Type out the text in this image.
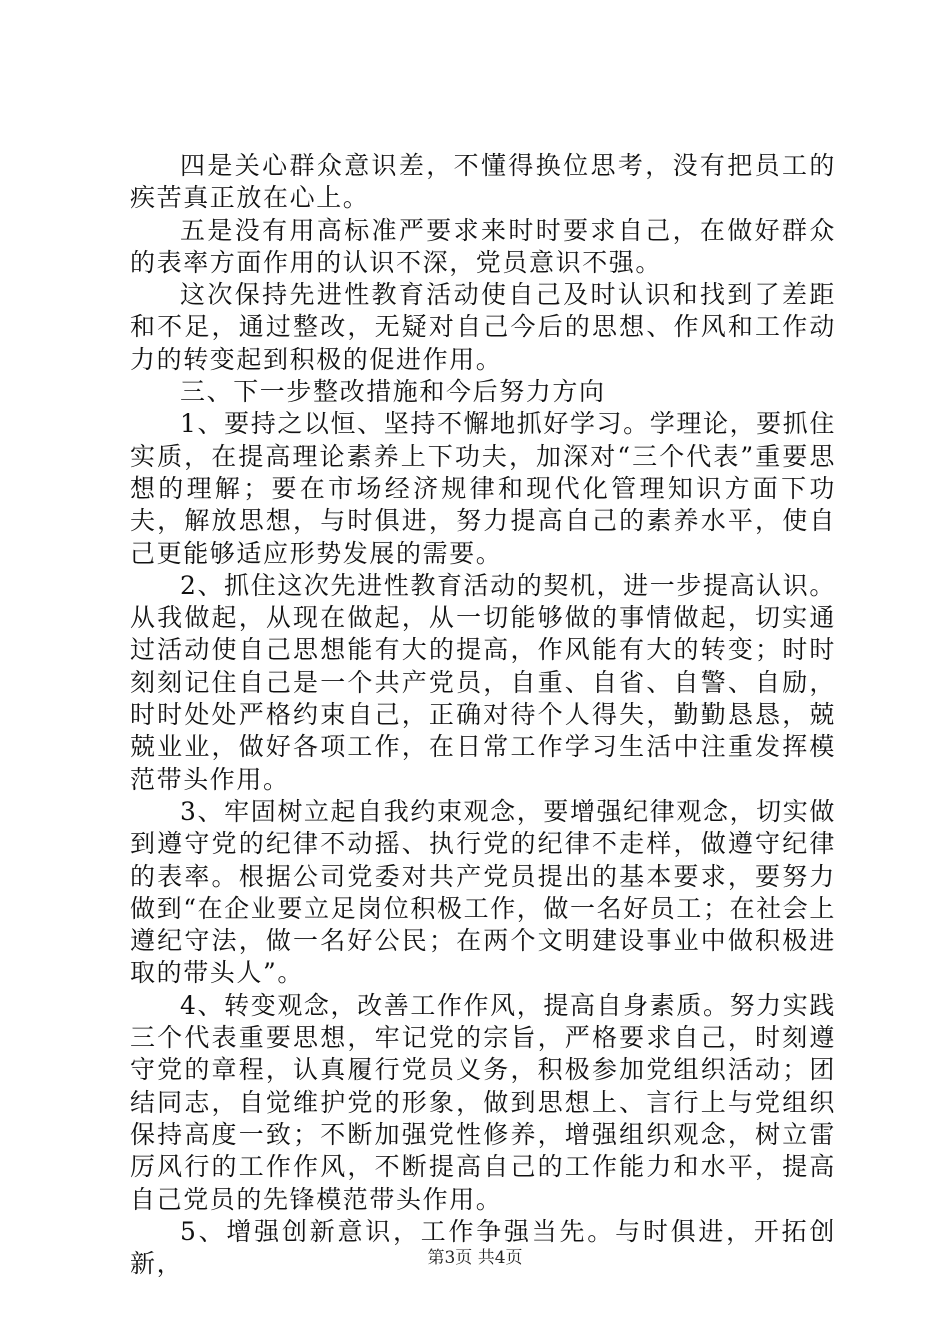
四是关心群众意识差，不懂得换位思考，没有把员工的疾苦真正放在心上。

五是没有用高标准严要求来时时要求自己，在做好群众的表率方面作用的认识不深，党员意识不强。

这次保持先进性教育活动使自己及时认识和找到了差距和不足，通过整改，无疑对自己今后的思想、作风和工作动力的转变起到积极的促进作用。

三、下一步整改措施和今后努力方向

1、要持之以恒、坚持不懈地抓好学习。学理论，要抓住实质，在提高理论素养上下功夫，加深对“三个代表”重要思想的理解；要在市场经济规律和现代化管理知识方面下功夫，解放思想，与时俱进，努力提高自己的素养水平，使自己更能够适应形势发展的需要。

2、抓住这次先进性教育活动的契机，进一步提高认识。从我做起，从现在做起，从一切能够做的事情做起，切实通过活动使自己思想能有大的提高，作风能有大的转变；时时刻刻记住自己是一个共产党员，自重、自省、自警、自励，时时处处严格约束自己，正确对待个人得失，勤勤恳恳，兢兢业业，做好各项工作，在日常工作学习生活中注重发挥模范带头作用。

3、牢固树立起自我约束观念，要增强纪律观念，切实做到遵守党的纪律不动摇、执行党的纪律不走样，做遵守纪律的表率。根据公司党委对共产党员提出的基本要求，要努力做到“在企业要立足岗位积极工作，做一名好员工；在社会上遵纪守法，做一名好公民；在两个文明建设事业中做积极进取的带头人”。

4、转变观念，改善工作作风，提高自身素质。努力实践三个代表重要思想，牢记党的宗旨，严格要求自己，时刻遵守党的章程，认真履行党员义务，积极参加党组织活动；团结同志，自觉维护党的形象，做到思想上、言行上与党组织保持高度一致；不断加强党性修养，增强组织观念，树立雷厉风行的工作作风，不断提高自己的工作能力和水平，提高自己党员的先锋模范带头作用。

5、增强创新意识，工作争强当先。与时俱进，开拓创新，	第3页 共4页
